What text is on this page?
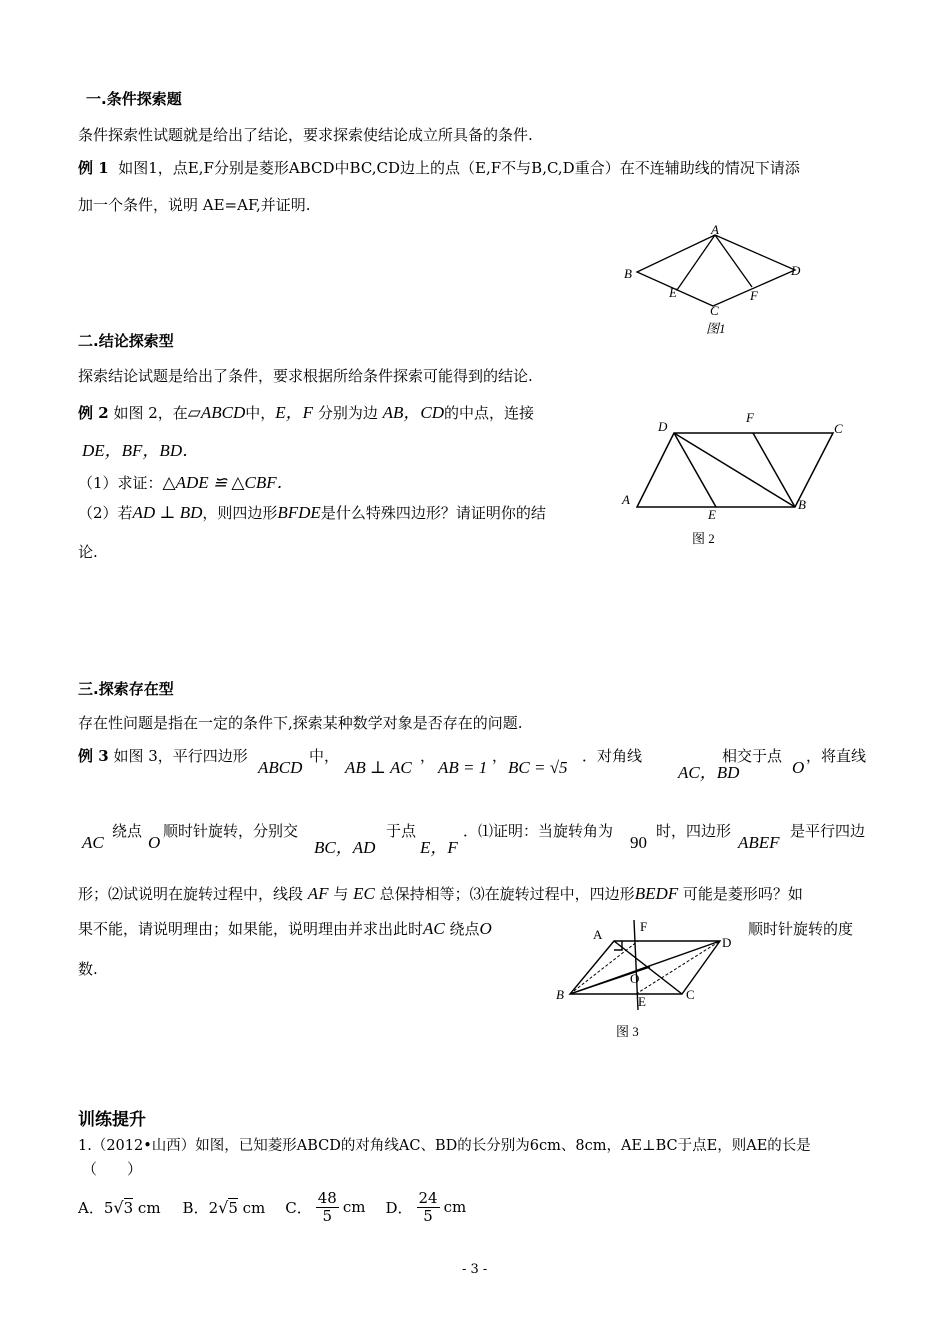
一.条件探索题
条件探索性试题就是给出了结论，要求探索使结论成立所具备的条件.
例 1 如图1，点E,F分别是菱形ABCD中BC,CD边上的点（E,F不与B,C,D重合）在不连辅助线的情况下请添
加一个条件，说明 AE=AF,并证明.
A
B
C
D
E	F
图1
二.结论探索型
探索结论试题是给出了条件，要求根据所给条件探索可能得到的结论.
例 2 如图 2，在▱ABCD中，E，F 分别为边 AB，CD的中点，连接
DE，BF，BD．
（1）求证：△ADE ≌ △CBF．
（2）若AD ⊥ BD，则四边形BFDE是什么特殊四边形？请证明你的结
论.
D
F
C
A
E
B
图 2
三.探索存在型
存在性问题是指在一定的条件下,探索某种数学对象是否存在的问题.
例 3 如图 3，平行四边形
ABCD
中，
AB ⊥ AC
，
AB = 1
，
BC = √5
．对角线
AC，BD
相交于点
O
，将直线
AC
绕点
O
顺时针旋转，分别交
BC，AD
于点
E，F
．⑴证明：当旋转角为
90
时，四边形
ABEF
是平行四边
形；⑵试说明在旋转过程中，线段 AF 与 EC 总保持相等；⑶在旋转过程中，四边形BEDF 可能是菱形吗？如
果不能，请说明理由；如果能，说明理由并求出此时AC 绕点O	顺时针旋转的度
数.
A
F
D
O
B	E	C
图 3
训练提升
1.（2012•山西）如图，已知菱形ABCD的对角线AC、BD的长分别为6cm、8cm，AE⊥BC于点E，则AE的长是
（　　）
A．5√3 cm B．2√5 cm C． $\frac{48}{5}$ cm D． $\frac{24}{5}$ cm
- 3 -
